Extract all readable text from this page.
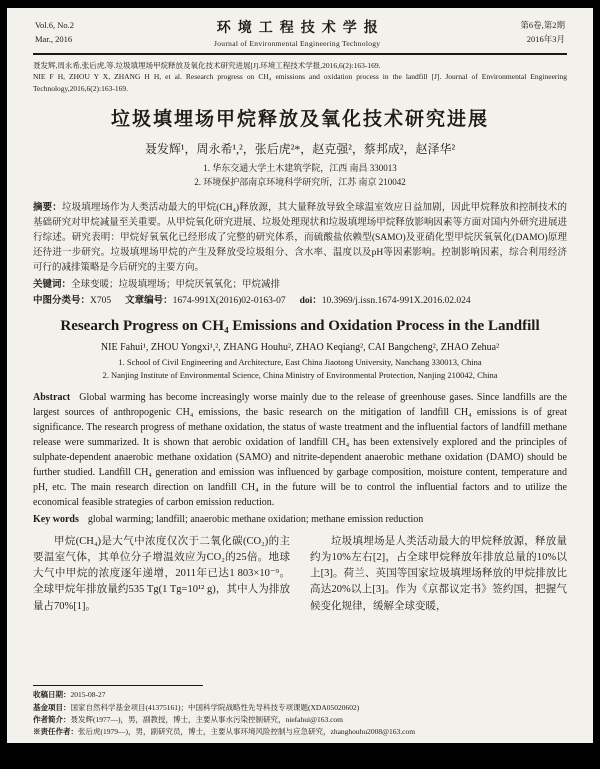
Vol.6, No.2
Mar., 2016
环境工程技术学报
Journal of Environmental Engineering Technology
第6卷,第2期
2016年3月

聂发辉,周永希,张后虎,等.垃圾填埋场甲烷释放及氧化技术研究进展[J].环境工程技术学报,2016,6(2):163-169.

NIE F H, ZHOU Y X, ZHANG H H, et al. Research progress on CH₄ emissions and oxidation process in the landfill [J]. Journal of Environmental Engineering Technology,2016,6(2):163-169.

垃圾填埋场甲烷释放及氧化技术研究进展
聂发辉¹，周永希¹,²，张后虎²*，赵克强²，蔡邦成²，赵泽华²
1. 华东交通大学土木建筑学院，江西 南昌 330013
2. 环境保护部南京环境科学研究所，江苏 南京 210042

摘要：垃圾填埋场作为人类活动最大的甲烷(CH₄)释放源，其大量释放导致全球温室效应日益加剧，因此甲烷释放和控制技术的基础研究对甲烷减量至关重要。从甲烷氧化研究进展、垃圾处理现状和垃圾填埋场甲烷释放影响因素等方面对国内外研究进展进行综述。研究表明：甲烷好氧氧化已经形成了完整的研究体系，而硫酸盐依赖型(SAMO)及亚硝化型甲烷厌氧氧化(DAMO)原理还待进一步研究。垃圾填埋场甲烷的产生及释放受垃圾组分、含水率、温度以及pH等因素影响。控制影响因素，综合利用经济可行的减排策略是今后研究的主要方向。

关键词：全球变暖；垃圾填埋场；甲烷厌氧氧化；甲烷减排

中图分类号：X705 文章编号：1674-991X(2016)02-0163-07 doi：10.3969/j.issn.1674-991X.2016.02.024

Research Progress on CH₄ Emissions and Oxidation Process in the Landfill
NIE Fahui¹, ZHOU Yongxi¹,², ZHANG Houhu², ZHAO Keqiang², CAI Bangcheng², ZHAO Zehua²
1. School of Civil Engineering and Architecture, East China Jiaotong University, Nanchang 330013, China
2. Nanjing Institute of Environmental Science, China Ministry of Environmental Protection, Nanjing 210042, China

Abstract Global warming has become increasingly worse mainly due to the release of greenhouse gases. Since landfills are the largest sources of anthropogenic CH₄ emissions, the basic research on the mitigation of landfill CH₄ emissions is of great significance. The research progress of methane oxidation, the status of waste treatment and the influential factors of landfill methane release were summarized. It is shown that aerobic oxidation of landfill CH₄ has been extensively explored and the principles of sulphate-dependent anaerobic methane oxidation (SAMO) and nitrite-dependent anaerobic methane oxidation (DAMO) should be further studied. Landfill CH₄ generation and emission was influenced by garbage composition, moisture content, temperature and pH, etc. The main research direction on landfill CH₄ in the future will be to control the influential factors and to utilize the economical feasible strategies of carbon emission reduction.

Key words global warming; landfill; anaerobic methane oxidation; methane emission reduction

甲烷(CH₄)是大气中浓度仅次于二氧化碳(CO₂)的主要温室气体，其单位分子增温效应为CO₂的25倍。地球大气中甲烷的浓度逐年递增，2011年已达1 803×10⁻⁹。全球甲烷年排放量约535 Tg(1 Tg=10¹² g)，其中人为排放量占70%[1]。

垃圾填埋场是人类活动最大的甲烷释放源，释放量约为10%左右[2]，占全球甲烷释放年排放总量的10%以上[3]。荷兰、英国等国家垃圾填埋场释放的甲烷排放比高达20%以上[3]。作为《京都议定书》签约国，把握气候变化规律，缓解全球变暖，

收稿日期：2015-08-27
基金项目：国家自然科学基金项目(41375161)；中国科学院战略性先导科技专项课题(XDA05020602)
作者简介：聂发辉(1977—)，男，副教授，博士，主要从事水污染控制研究，niefahui@163.com
※责任作者：张后虎(1979—)，男，副研究员，博士，主要从事环境风险控制与应急研究，zhanghouhu2008@163.com
